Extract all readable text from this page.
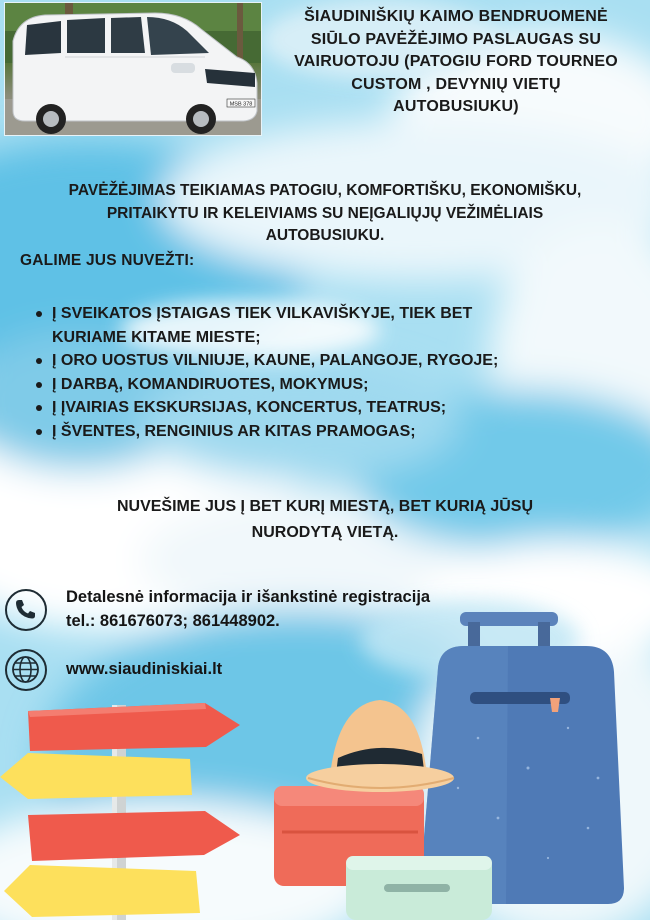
MSB 378
ŠIAUDINIŠKIŲ KAIMO BENDRUOMENĖ
SIŪLO PAVĖŽĖJIMO PASLAUGAS SU
VAIRUOTOJU (PATOGIU FORD TOURNEO
CUSTOM , DEVYNIŲ VIETŲ
AUTOBUSIUKU)
PAVĖŽĖJIMAS TEIKIAMAS PATOGIU, KOMFORTIŠKU, EKONOMIŠKU,
PRITAIKYTU IR KELEIVIAMS SU NEĮGALIŲJŲ VEŽIMĖLIAIS
AUTOBUSIUKU.
GALIME JUS NUVEŽTI:
Į SVEIKATOS ĮSTAIGAS TIEK VILKAVIŠKYJE, TIEK BET
KURIAME KITAME MIESTE;
Į ORO UOSTUS VILNIUJE, KAUNE, PALANGOJE, RYGOJE;
Į DARBĄ, KOMANDIRUOTES, MOKYMUS;
Į ĮVAIRIAS EKSKURSIJAS, KONCERTUS, TEATRUS;
Į ŠVENTES, RENGINIUS AR KITAS PRAMOGAS;
NUVEŠIME JUS Į BET KURĮ MIESTĄ, BET KURIĄ JŪSŲ
NURODYTĄ VIETĄ.
Detalesnė informacija ir išankstinė registracija
tel.: 861676073; 861448902.
www.siaudiniskiai.lt
